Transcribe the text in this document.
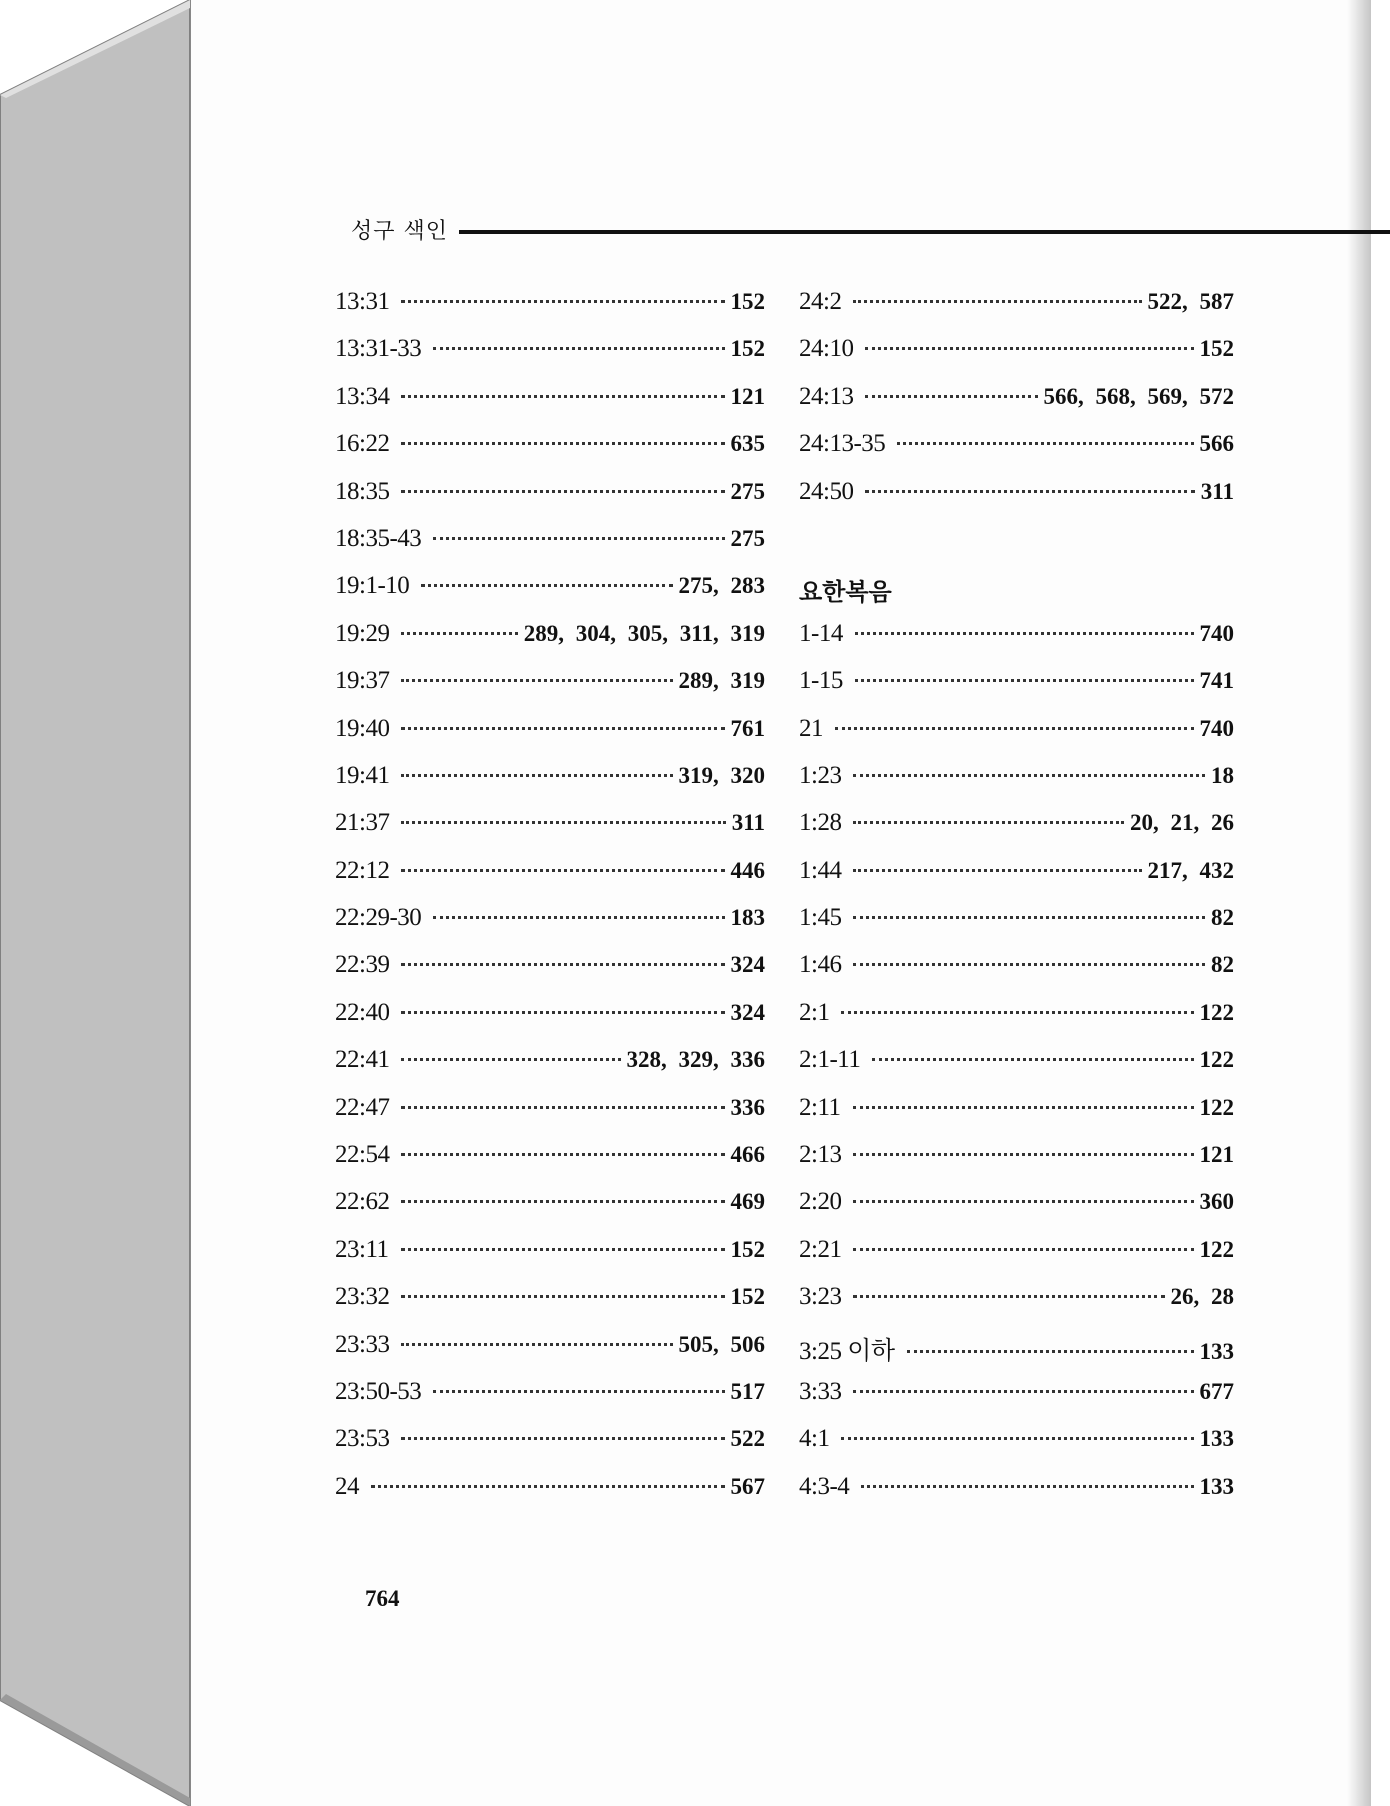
성구 색인
13:31	152
13:31-33	152
13:34	121
16:22	635
18:35	275
18:35-43	275
19:1-10	275, 283
19:29	289, 304, 305, 311, 319
19:37	289, 319
19:40	761
19:41	319, 320
21:37	311
22:12	446
22:29-30	183
22:39	324
22:40	324
22:41	328, 329, 336
22:47	336
22:54	466
22:62	469
23:11	152
23:32	152
23:33	505, 506
23:50-53	517
23:53	522
24	567
24:2	522, 587
24:10	152
24:13	566, 568, 569, 572
24:13-35	566
24:50	311
요한복음
1-14	740
1-15	741
21	740
1:23	18
1:28	20, 21, 26
1:44	217, 432
1:45	82
1:46	82
2:1	122
2:1-11	122
2:11	122
2:13	121
2:20	360
2:21	122
3:23	26, 28
3:25 이하	133
3:33	677
4:1	133
4:3-4	133
764
